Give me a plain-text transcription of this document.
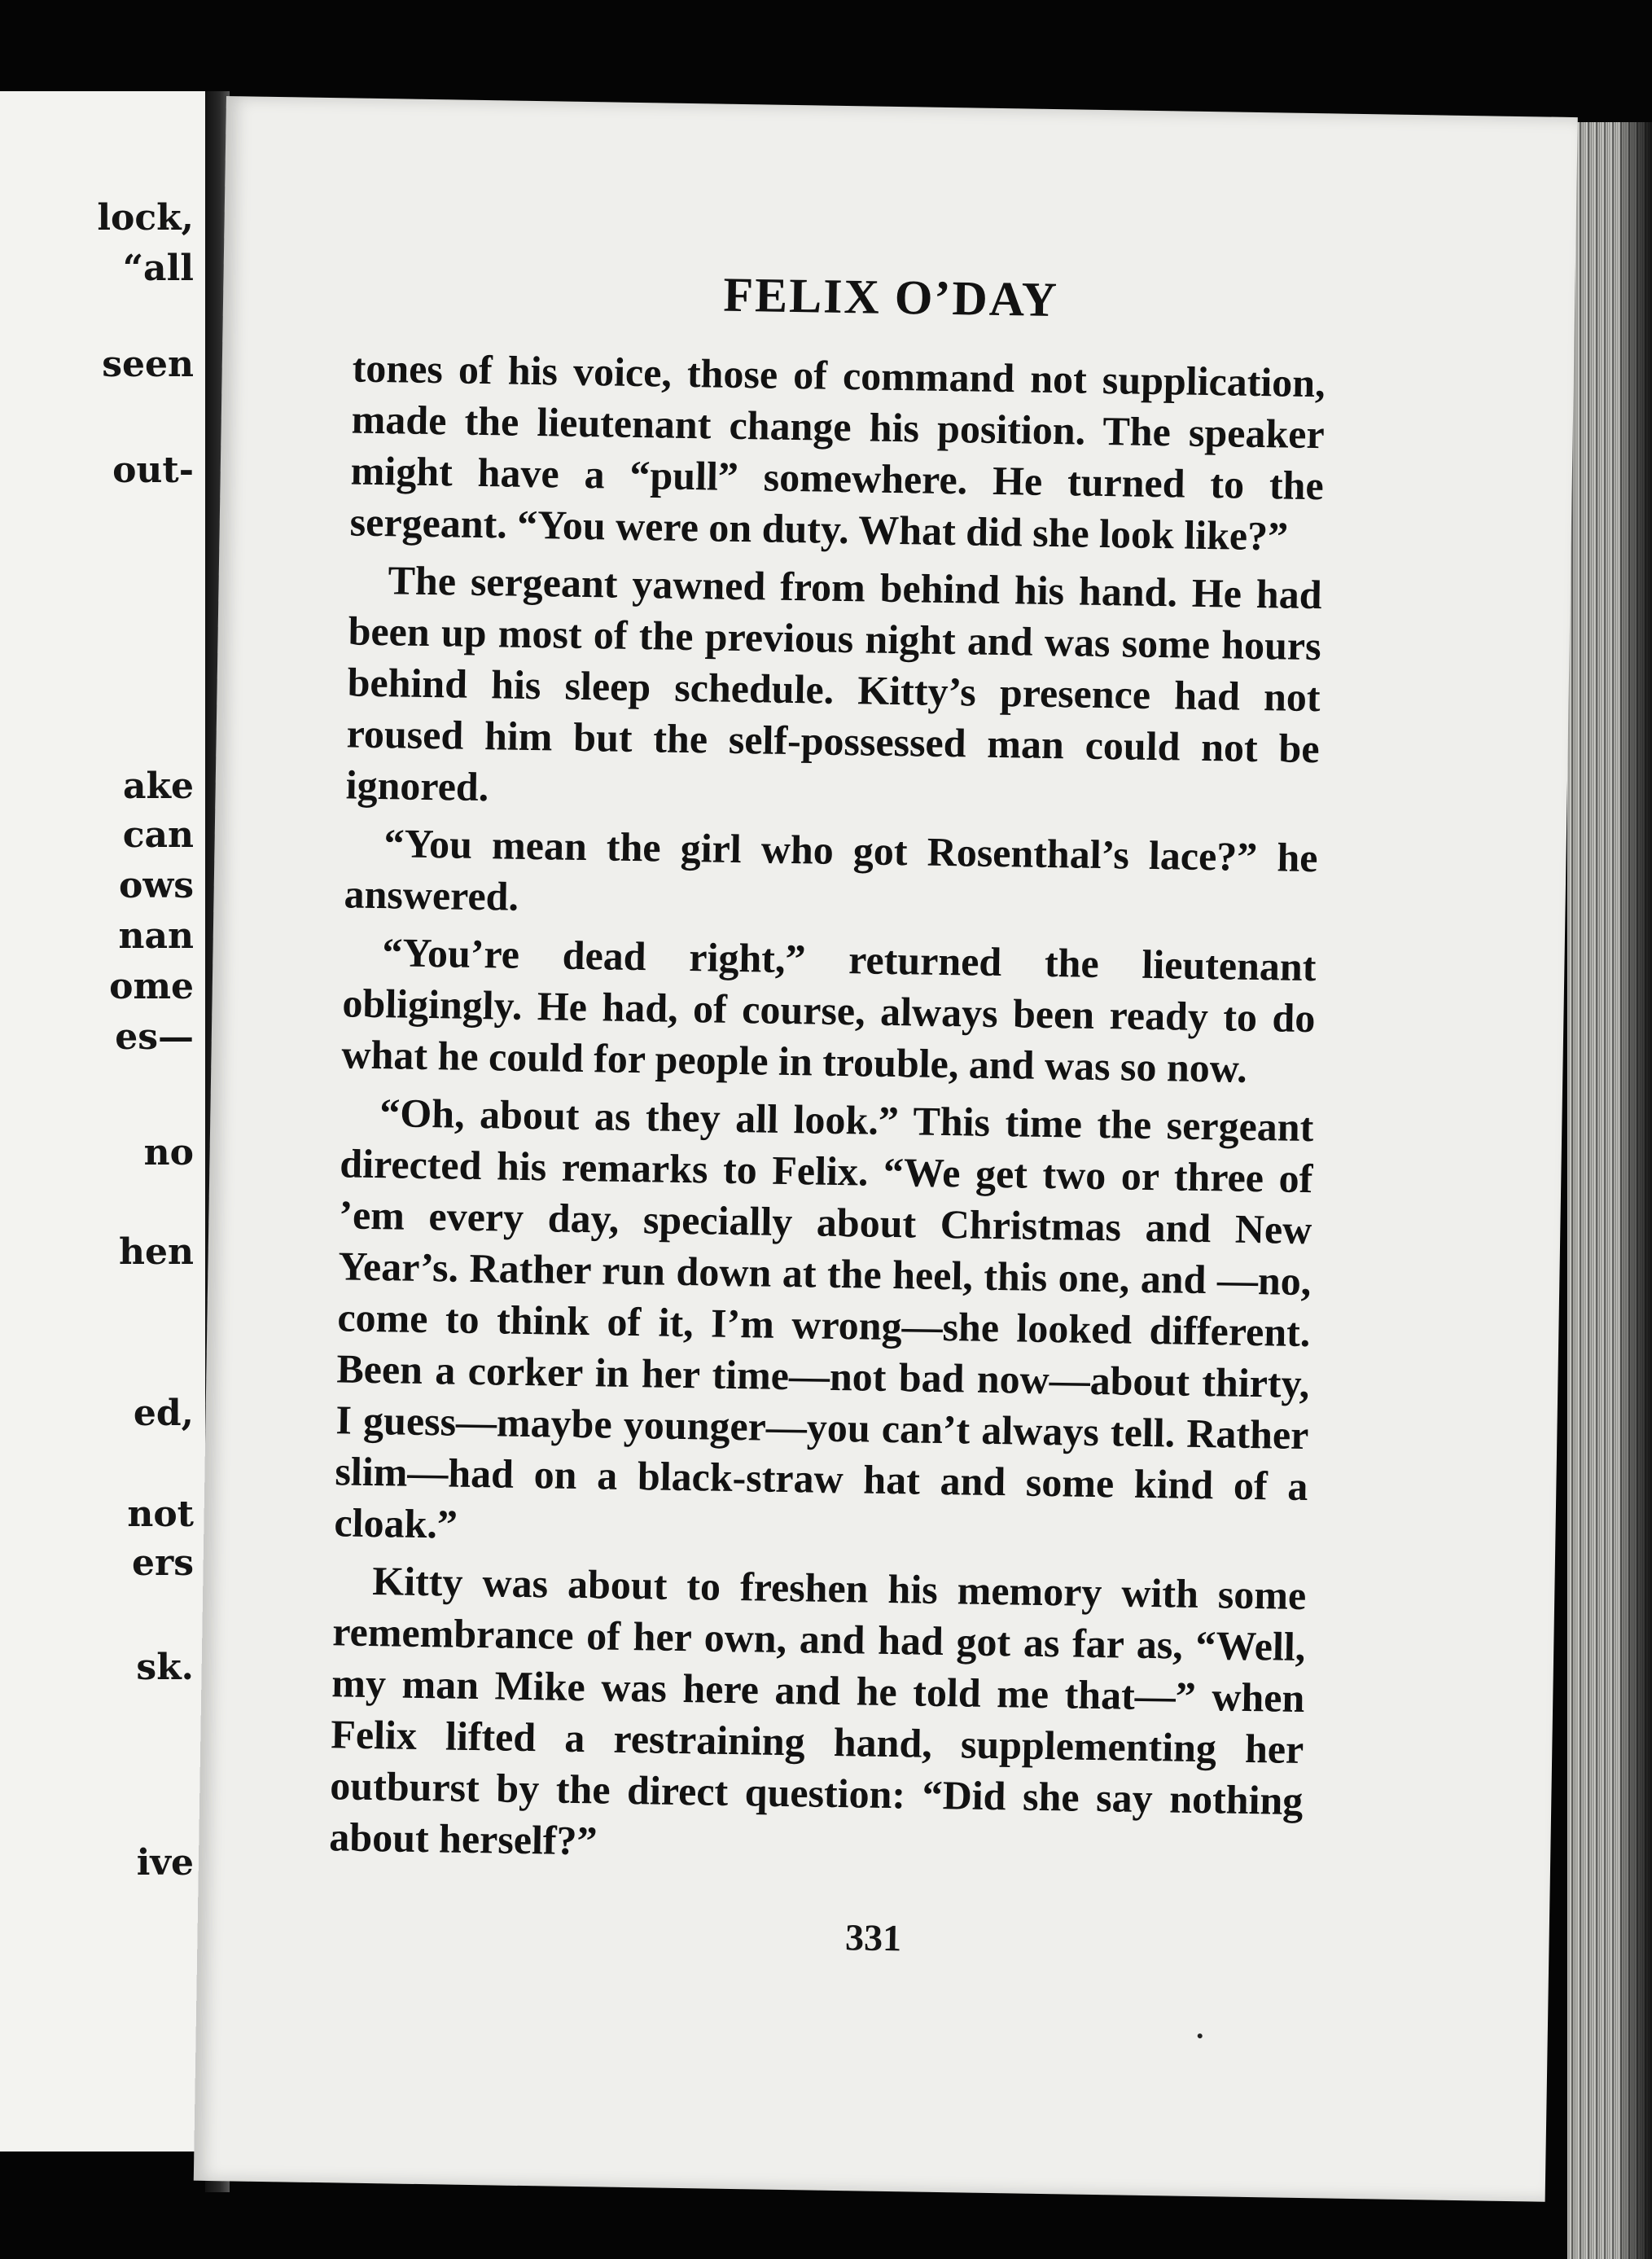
lock,
“all
seen
out-
ake
can
ows
nan
ome
es—
no
hen
ed,
not
ers
sk.
ive
FELIX O’DAY

tones of his voice, those of command not supplication, made the lieutenant change his position. The speaker might have a “pull” somewhere. He turned to the sergeant. “You were on duty. What did she look like?”

The sergeant yawned from behind his hand. He had been up most of the previous night and was some hours behind his sleep schedule. Kitty’s presence had not roused him but the self-possessed man could not be ignored.

“You mean the girl who got Rosenthal’s lace?” he answered.

“You’re dead right,” returned the lieutenant obligingly. He had, of course, always been ready to do what he could for people in trouble, and was so now.

“Oh, about as they all look.” This time the sergeant directed his remarks to Felix. “We get two or three of ’em every day, specially about Christmas and New Year’s. Rather run down at the heel, this one, and —no, come to think of it, I’m wrong—she looked different. Been a corker in her time—not bad now—about thirty, I guess—maybe younger—you can’t always tell. Rather slim—had on a black-straw hat and some kind of a cloak.”

Kitty was about to freshen his memory with some remembrance of her own, and had got as far as, “Well, my man Mike was here and he told me that—” when Felix lifted a restraining hand, supplementing her outburst by the direct question: “Did she say nothing about herself?”

331
